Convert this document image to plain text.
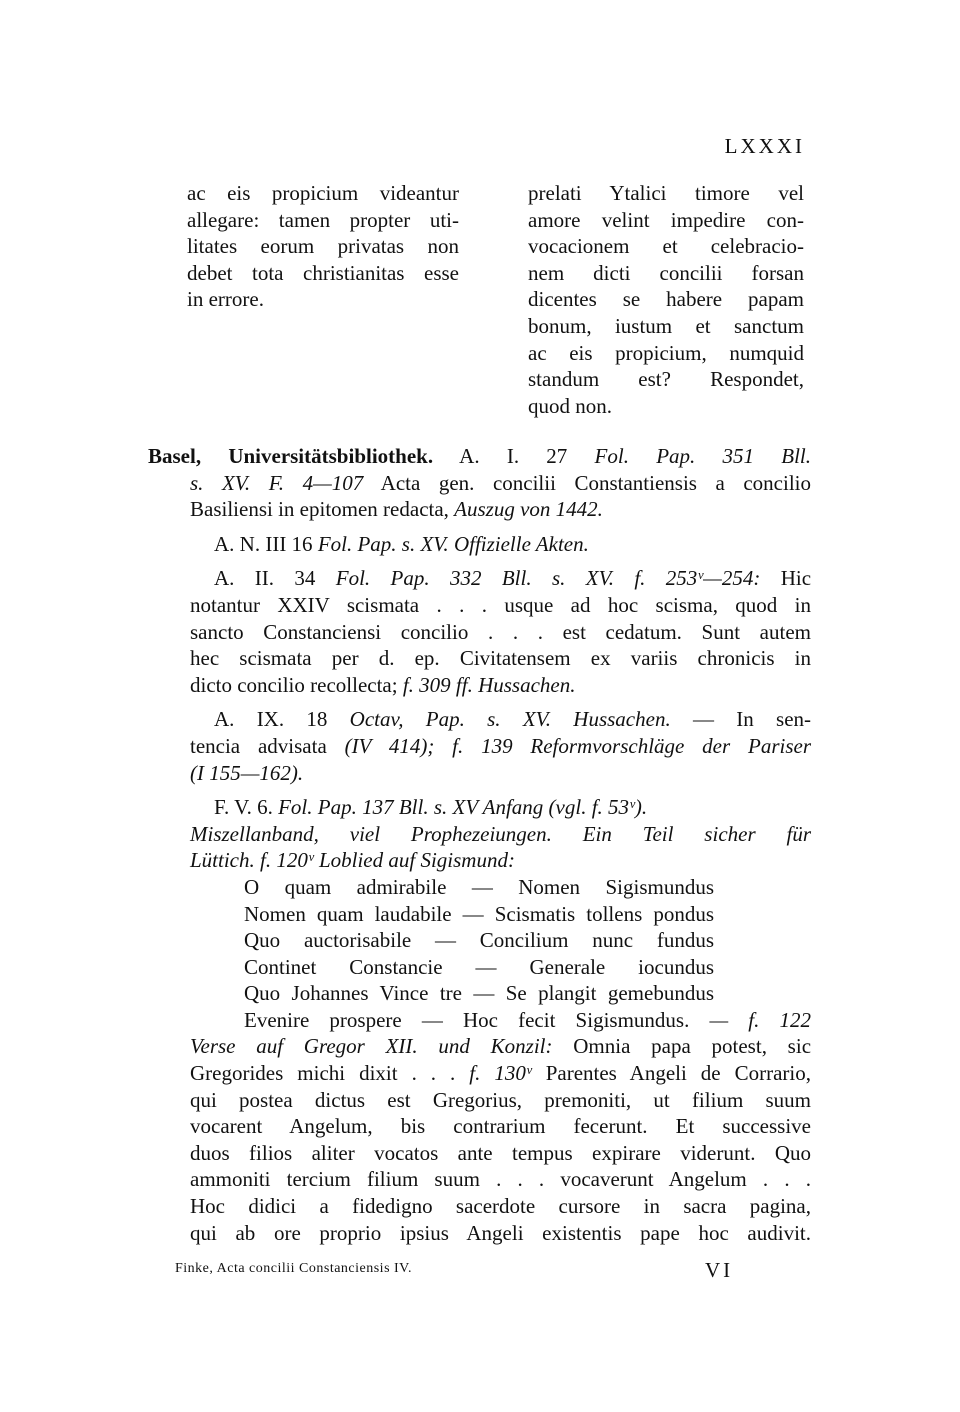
LXXXI
ac eis propicium videantur
allegare: tamen propter uti-
litates eorum privatas non
debet tota christianitas esse
in errore.
prelati Ytalici timore vel
amore velint impedire con-
vocacionem et celebracio-
nem dicti concilii forsan
dicentes se habere papam
bonum, iustum et sanctum
ac eis propicium, numquid
standum est? Respondet,
quod non.
Basel, Universitätsbibliothek. A. I. 27 Fol. Pap. 351 Bll.
s. XV. F. 4—107 Acta gen. concilii Constantiensis a concilio
Basiliensi in epitomen redacta, Auszug von 1442.
A. N. III 16 Fol. Pap. s. XV. Offizielle Akten.
A. II. 34 Fol. Pap. 332 Bll. s. XV. f. 253ᵛ—254: Hic
notantur XXIV scismata . . . usque ad hoc scisma, quod in
sancto Constanciensi concilio . . . est cedatum. Sunt autem
hec scismata per d. ep. Civitatensem ex variis chronicis in
dicto concilio recollecta; f. 309 ff. Hussachen.
A. IX. 18 Octav, Pap. s. XV. Hussachen. — In sen-
tencia advisata (IV 414); f. 139 Reformvorschläge der Pariser
(I 155—162).
F. V. 6. Fol. Pap. 137 Bll. s. XV Anfang (vgl. f. 53ᵛ).
Miszellanband, viel Prophezeiungen. Ein Teil sicher für
Lüttich. f. 120ᵛ Loblied auf Sigismund:
O quam admirabile — Nomen Sigismundus
Nomen quam laudabile — Scismatis tollens pondus
Quo auctorisabile — Concilium nunc fundus
Continet Constancie — Generale iocundus
Quo Johannes Vince tre — Se plangit gemebundus
Evenire prospere — Hoc fecit Sigismundus. — f. 122
Verse auf Gregor XII. und Konzil: Omnia papa potest, sic
Gregorides michi dixit . . . f. 130ᵛ Parentes Angeli de Corrario,
qui postea dictus est Gregorius, premoniti, ut filium suum
vocarent Angelum, bis contrarium fecerunt. Et successive
duos filios aliter vocatos ante tempus expirare viderunt. Quo
ammoniti tercium filium suum . . . vocaverunt Angelum . . .
Hoc didici a fidedigno sacerdote cursore in sacra pagina,
qui ab ore proprio ipsius Angeli existentis pape hoc audivit.
Finke, Acta concilii Constanciensis IV.	VI
